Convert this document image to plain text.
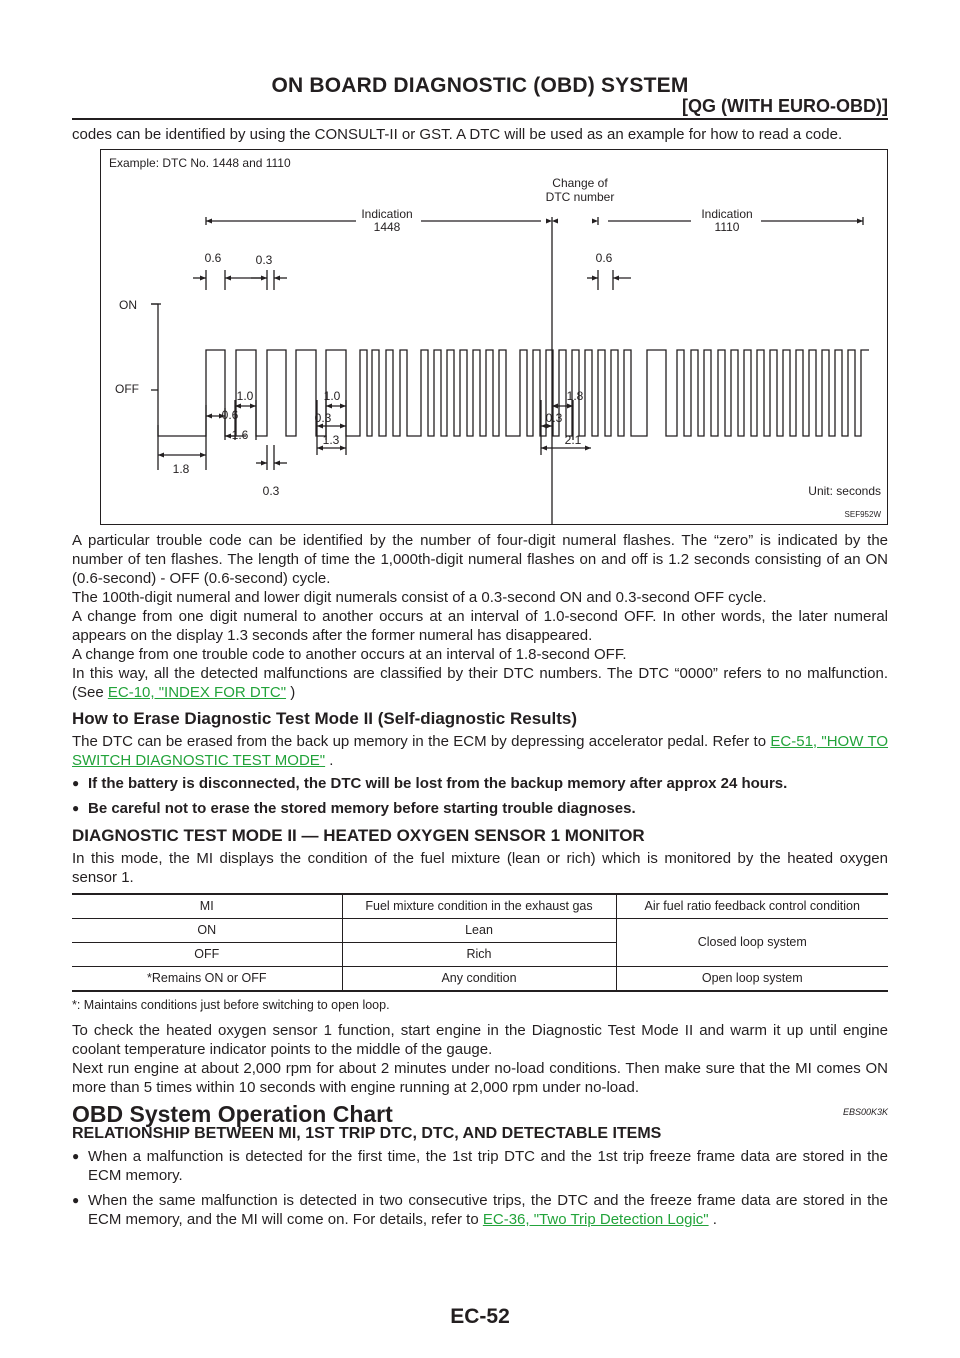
ON BOARD DIAGNOSTIC (OBD) SYSTEM
[QG (WITH EURO-OBD)]

codes can be identified by using the CONSULT-II or GST. A DTC will be used as an example for how to read a code.

Example: DTC No. 1448 and 1110
ON
OFF
Indication
1448
Change of
DTC number
Indication
1110
0.6	0.3	0.6
1.0
0.6
1.6
1.8
1.0
0.3
1.3
0.3
1.8
0.3
2.1
Unit: seconds
SEF952W

A particular trouble code can be identified by the number of four-digit numeral flashes. The “zero” is indicated by the number of ten flashes. The length of time the 1,000th-digit numeral flashes on and off is 1.2 seconds consisting of an ON (0.6-second) - OFF (0.6-second) cycle.

The 100th-digit numeral and lower digit numerals consist of a 0.3-second ON and 0.3-second OFF cycle.

A change from one digit numeral to another occurs at an interval of 1.0-second OFF. In other words, the later numeral appears on the display 1.3 seconds after the former numeral has disappeared.

A change from one trouble code to another occurs at an interval of 1.8-second OFF.

In this way, all the detected malfunctions are classified by their DTC numbers. The DTC “0000” refers to no malfunction. (See EC-10, "INDEX FOR DTC" )

How to Erase Diagnostic Test Mode II (Self-diagnostic Results)

The DTC can be erased from the back up memory in the ECM by depressing accelerator pedal. Refer to EC-51, "HOW TO SWITCH DIAGNOSTIC TEST MODE" .

● If the battery is disconnected, the DTC will be lost from the backup memory after approx 24 hours.
● Be careful not to erase the stored memory before starting trouble diagnoses.
DIAGNOSTIC TEST MODE II — HEATED OXYGEN SENSOR 1 MONITOR

In this mode, the MI displays the condition of the fuel mixture (lean or rich) which is monitored by the heated oxygen sensor 1.

MI	Fuel mixture condition in the exhaust gas	Air fuel ratio feedback control condition
ON	Lean	Closed loop system
OFF	Rich	
*Remains ON or OFF	Any condition	Open loop system
*: Maintains conditions just before switching to open loop.

To check the heated oxygen sensor 1 function, start engine in the Diagnostic Test Mode II and warm it up until engine coolant temperature indicator points to the middle of the gauge.

Next run engine at about 2,000 rpm for about 2 minutes under no-load conditions. Then make sure that the MI comes ON more than 5 times within 10 seconds with engine running at 2,000 rpm under no-load.

OBD System Operation Chart	EBS00K3K
RELATIONSHIP BETWEEN MI, 1ST TRIP DTC, DTC, AND DETECTABLE ITEMS
● When a malfunction is detected for the first time, the 1st trip DTC and the 1st trip freeze frame data are stored in the ECM memory.
● When the same malfunction is detected in two consecutive trips, the DTC and the freeze frame data are stored in the ECM memory, and the MI will come on. For details, refer to EC-36, "Two Trip Detection Logic" .
EC-52
